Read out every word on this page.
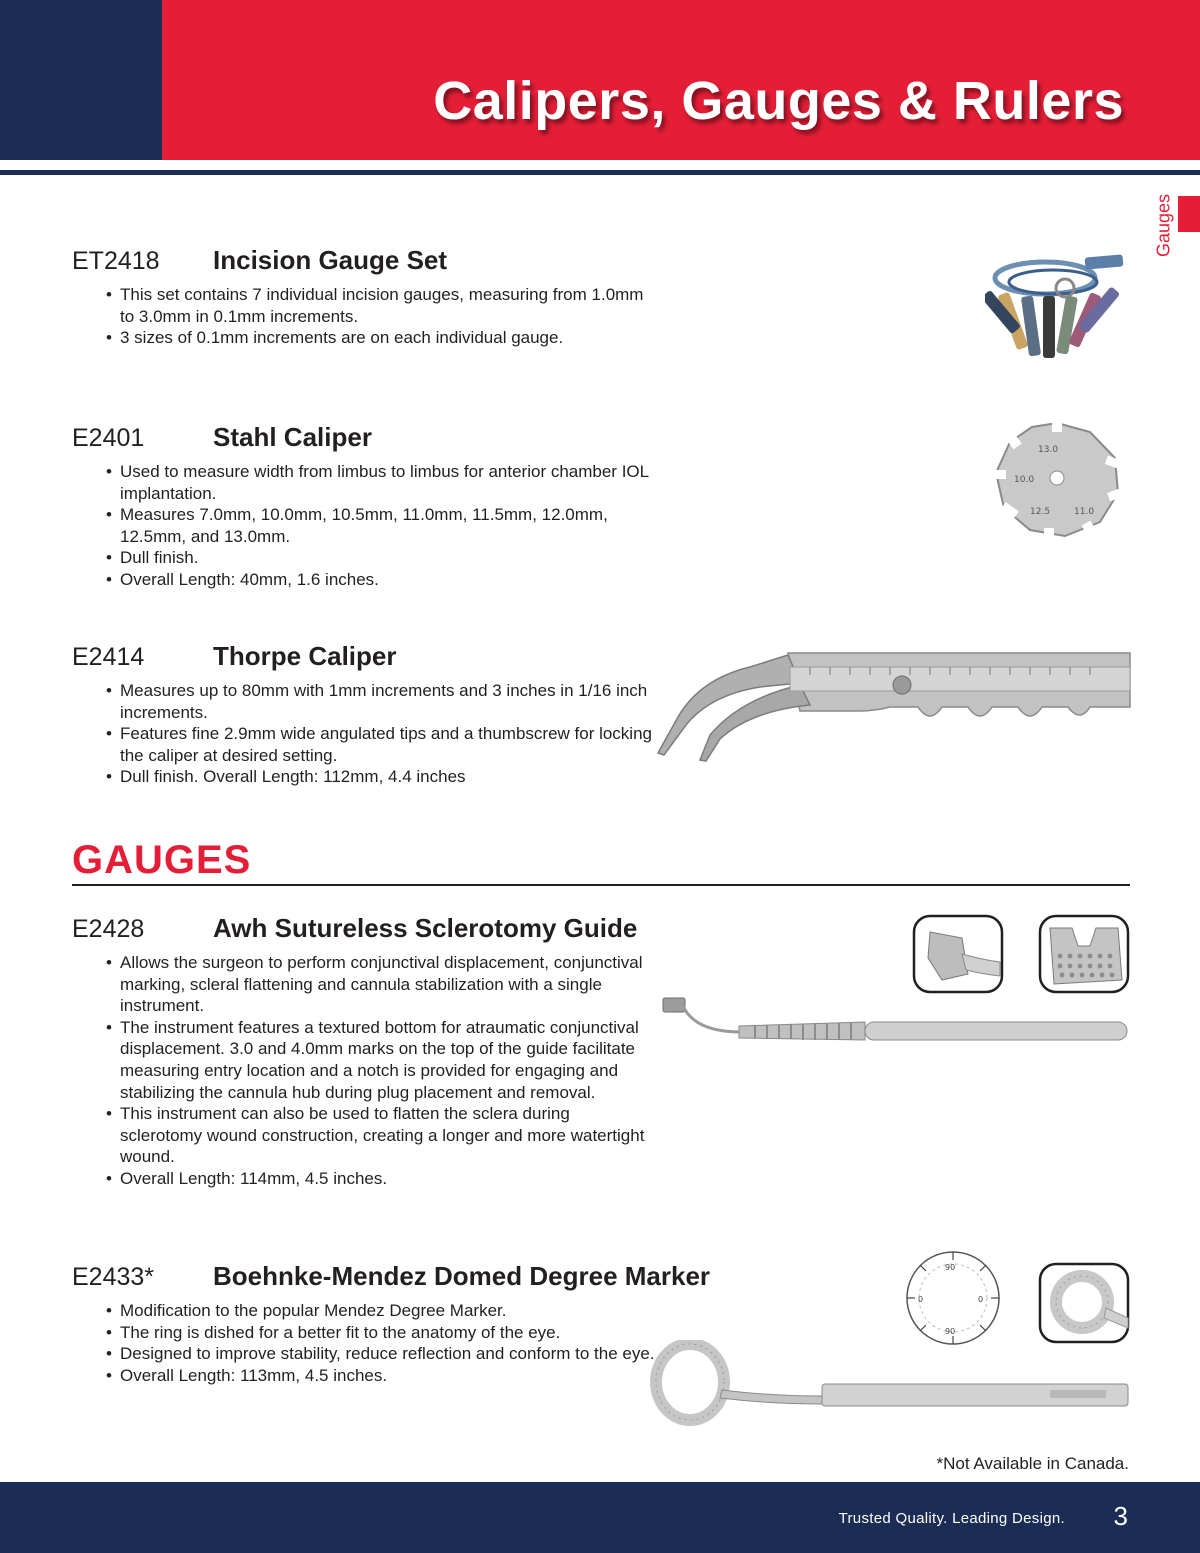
Calipers, Gauges & Rulers
Gauges
ET2418	Incision Gauge Set
• This set contains 7 individual incision gauges, measuring from 1.0mm to 3.0mm in 0.1mm increments.
• 3 sizes of 0.1mm increments are on each individual gauge.
E2401	Stahl Caliper
• Used to measure width from limbus to limbus for anterior chamber IOL implantation.
• Measures 7.0mm, 10.0mm, 10.5mm, 11.0mm, 11.5mm, 12.0mm, 12.5mm, and 13.0mm.
• Dull finish.
• Overall Length: 40mm, 1.6 inches.
E2414	Thorpe Caliper
• Measures up to 80mm with 1mm increments and 3 inches in 1/16 inch increments.
• Features fine 2.9mm wide angulated tips and a thumbscrew for locking the caliper at desired setting.
• Dull finish. Overall Length: 112mm, 4.4 inches
GAUGES
E2428	Awh Sutureless Sclerotomy Guide
• Allows the surgeon to perform conjunctival displacement, conjunctival marking, scleral flattening and cannula stabilization with a single instrument.
• The instrument features a textured bottom for atraumatic conjunctival displacement. 3.0 and 4.0mm marks on the top of the guide facilitate measuring entry location and a notch is provided for engaging and stabilizing the cannula hub during plug placement and removal.
• This instrument can also be used to flatten the sclera during sclerotomy wound construction, creating a longer and more watertight wound.
• Overall Length: 114mm, 4.5 inches.
E2433*	Boehnke-Mendez Domed Degree Marker
• Modification to the popular Mendez Degree Marker.
• The ring is dished for a better fit to the anatomy of the eye.
• Designed to improve stability, reduce reflection and conform to the eye.
• Overall Length: 113mm, 4.5 inches.
13.0
10.0
12.5	11.0
90
0	0
90
*Not Available in Canada.
Trusted Quality. Leading Design. 3
